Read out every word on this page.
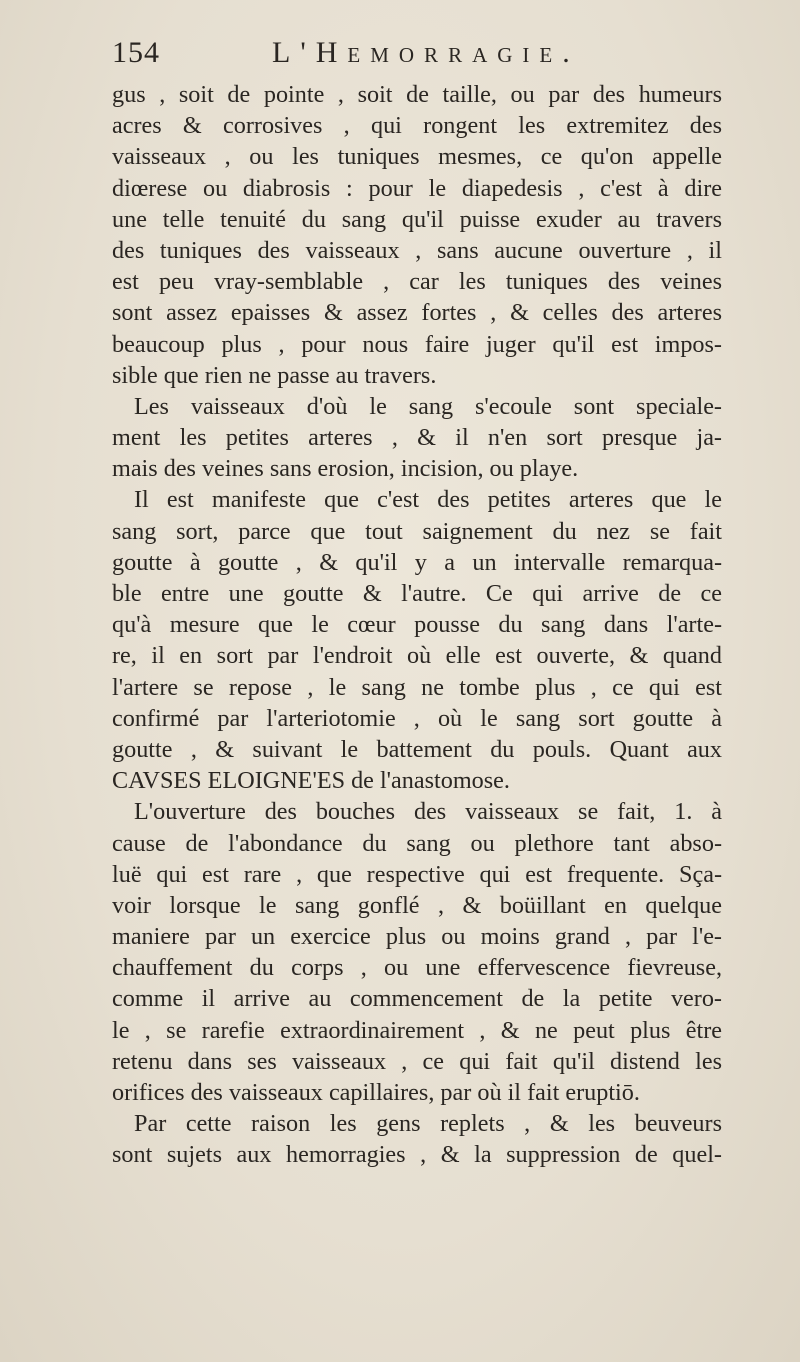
154	L'Hemorragie.
gus , soit de pointe , soit de taille, ou par des humeurs
acres & corrosives , qui rongent les extremitez des
vaisseaux , ou les tuniques mesmes, ce qu'on appelle
diœrese ou diabrosis : pour le diapedesis , c'est à dire
une telle tenuité du sang qu'il puisse exuder au travers
des tuniques des vaisseaux , sans aucune ouverture , il
est peu vray-semblable , car les tuniques des veines
sont assez epaisses & assez fortes , & celles des arteres
beaucoup plus , pour nous faire juger qu'il est impos-
sible que rien ne passe au travers.
Les vaisseaux d'où le sang s'ecoule sont speciale-
ment les petites arteres , & il n'en sort presque ja-
mais des veines sans erosion, incision, ou playe.
Il est manifeste que c'est des petites arteres que le
sang sort, parce que tout saignement du nez se fait
goutte à goutte , & qu'il y a un intervalle remarqua-
ble entre une goutte & l'autre. Ce qui arrive de ce
qu'à mesure que le cœur pousse du sang dans l'arte-
re, il en sort par l'endroit où elle est ouverte, & quand
l'artere se repose , le sang ne tombe plus , ce qui est
confirmé par l'arteriotomie , où le sang sort goutte à
goutte , & suivant le battement du pouls. Quant aux
CAVSES ELOIGNE'ES de l'anastomose.
L'ouverture des bouches des vaisseaux se fait, 1. à
cause de l'abondance du sang ou plethore tant abso-
luë qui est rare , que respective qui est frequente. Sça-
voir lorsque le sang gonflé , & boüillant en quelque
maniere par un exercice plus ou moins grand , par l'e-
chauffement du corps , ou une effervescence fievreuse,
comme il arrive au commencement de la petite vero-
le , se rarefie extraordinairement , & ne peut plus être
retenu dans ses vaisseaux , ce qui fait qu'il distend les
orifices des vaisseaux capillaires, par où il fait eruptiō.
Par cette raison les gens replets , & les beuveurs
sont sujets aux hemorragies , & la suppression de quel-
